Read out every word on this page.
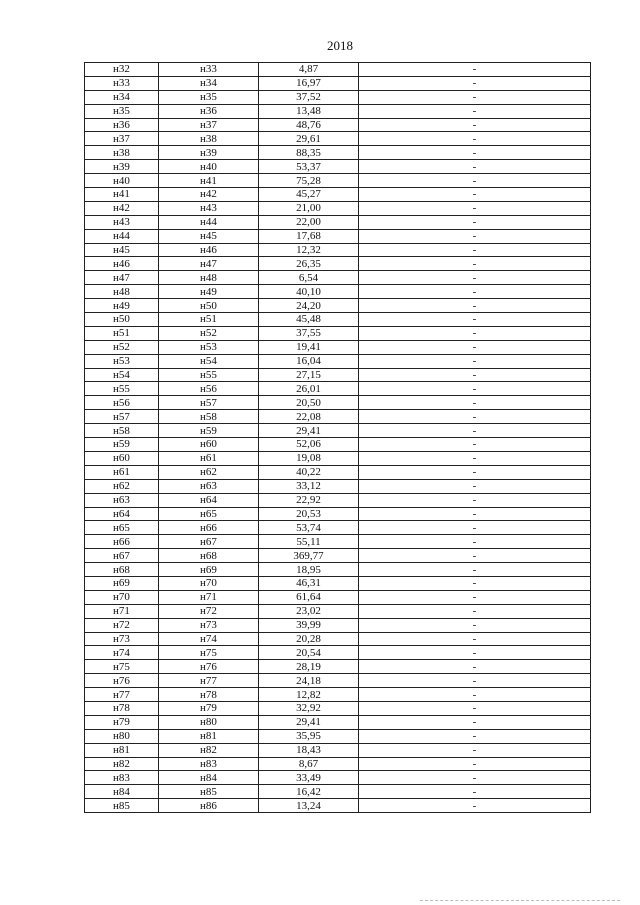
2018
н32	н33	4,87	-
н33	н34	16,97	-
н34	н35	37,52	-
н35	н36	13,48	-
н36	н37	48,76	-
н37	н38	29,61	-
н38	н39	88,35	-
н39	н40	53,37	-
н40	н41	75,28	-
н41	н42	45,27	-
н42	н43	21,00	-
н43	н44	22,00	-
н44	н45	17,68	-
н45	н46	12,32	-
н46	н47	26,35	-
н47	н48	6,54	-
н48	н49	40,10	-
н49	н50	24,20	-
н50	н51	45,48	-
н51	н52	37,55	-
н52	н53	19,41	-
н53	н54	16,04	-
н54	н55	27,15	-
н55	н56	26,01	-
н56	н57	20,50	-
н57	н58	22,08	-
н58	н59	29,41	-
н59	н60	52,06	-
н60	н61	19,08	-
н61	н62	40,22	-
н62	н63	33,12	-
н63	н64	22,92	-
н64	н65	20,53	-
н65	н66	53,74	-
н66	н67	55,11	-
н67	н68	369,77	-
н68	н69	18,95	-
н69	н70	46,31	-
н70	н71	61,64	-
н71	н72	23,02	-
н72	н73	39,99	-
н73	н74	20,28	-
н74	н75	20,54	-
н75	н76	28,19	-
н76	н77	24,18	-
н77	н78	12,82	-
н78	н79	32,92	-
н79	н80	29,41	-
н80	н81	35,95	-
н81	н82	18,43	-
н82	н83	8,67	-
н83	н84	33,49	-
н84	н85	16,42	-
н85	н86	13,24	-
